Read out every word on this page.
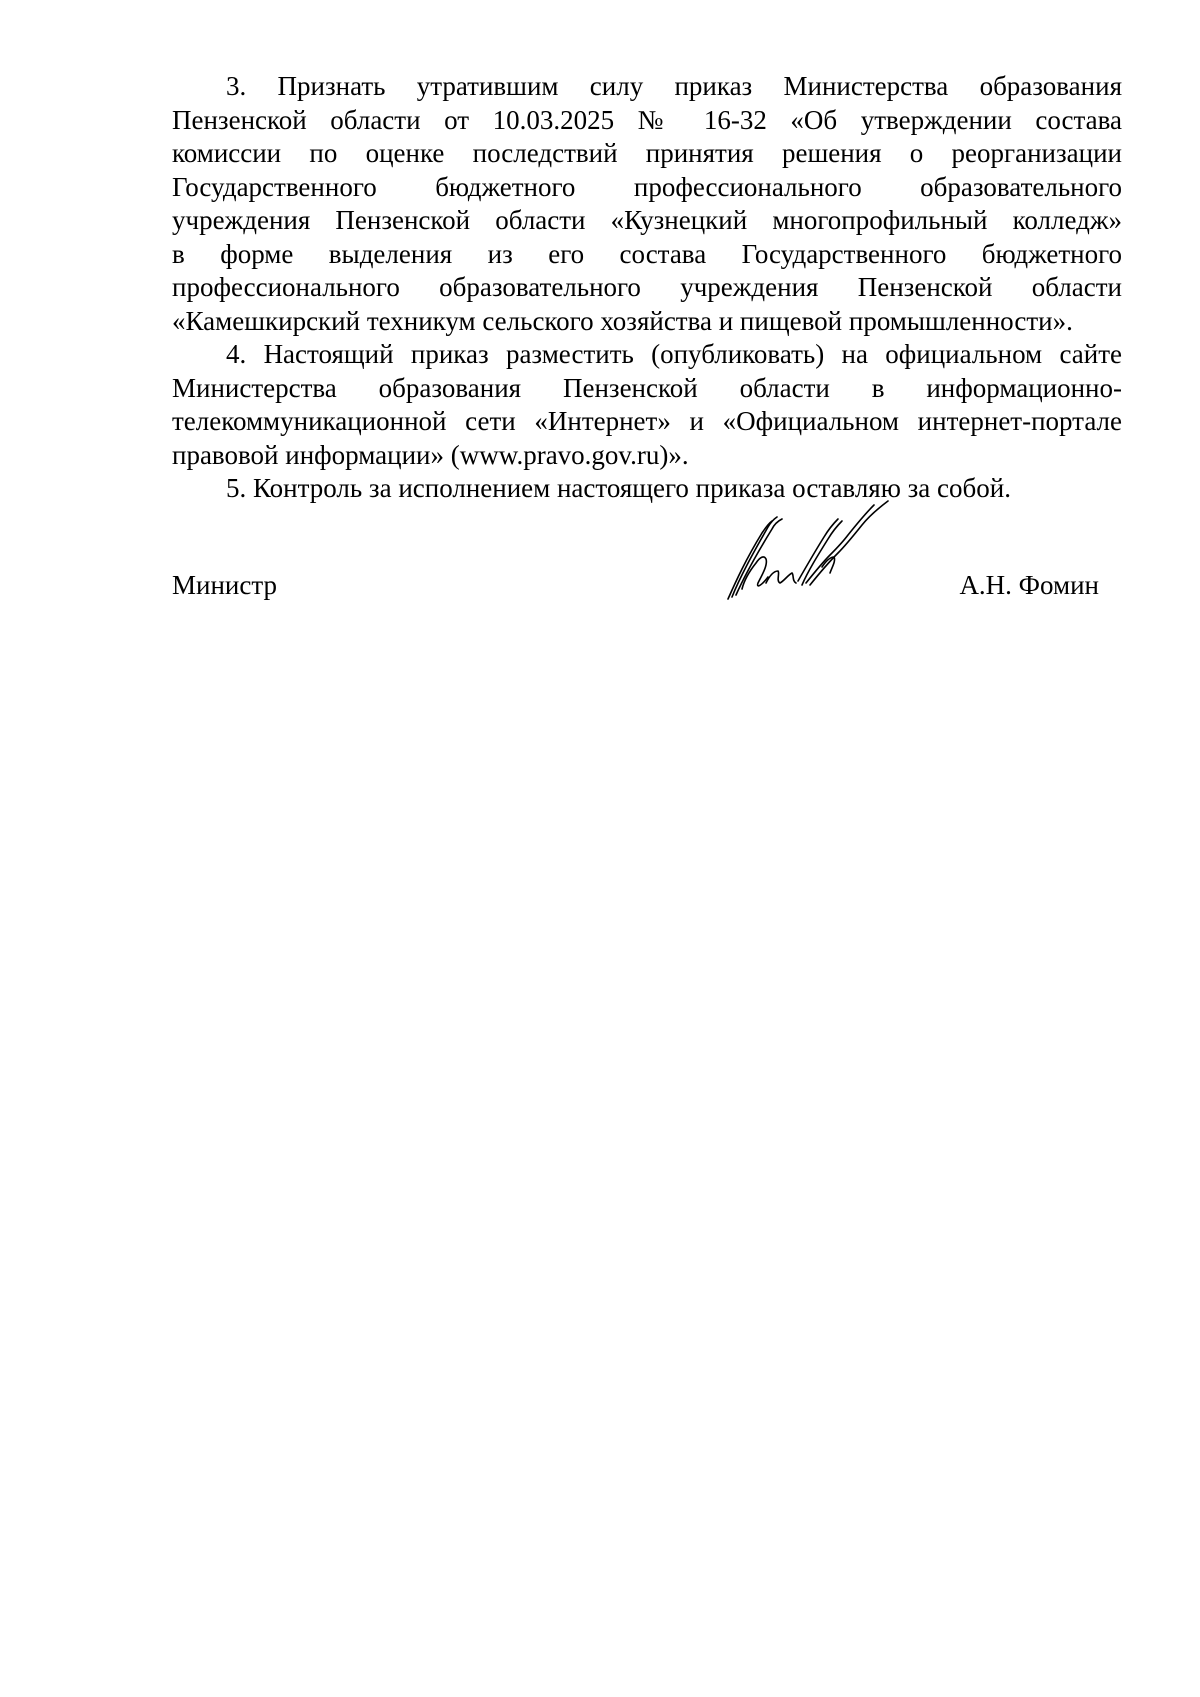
3. Признать утратившим силу приказ Министерства образования
Пензенской области от 10.03.2025 № 16-32 «Об утверждении состава
комиссии по оценке последствий принятия решения о реорганизации
Государственного бюджетного профессионального образовательного
учреждения Пензенской области «Кузнецкий многопрофильный колледж»
в форме выделения из его состава Государственного бюджетного
профессионального образовательного учреждения Пензенской области
«Камешкирский техникум сельского хозяйства и пищевой промышленности».
4. Настоящий приказ разместить (опубликовать) на официальном сайте
Министерства образования Пензенской области в информационно-
телекоммуникационной сети «Интернет» и «Официальном интернет-портале
правовой информации» (www.pravo.gov.ru)».
5. Контроль за исполнением настоящего приказа оставляю за собой.
Министр	А.Н. Фомин
